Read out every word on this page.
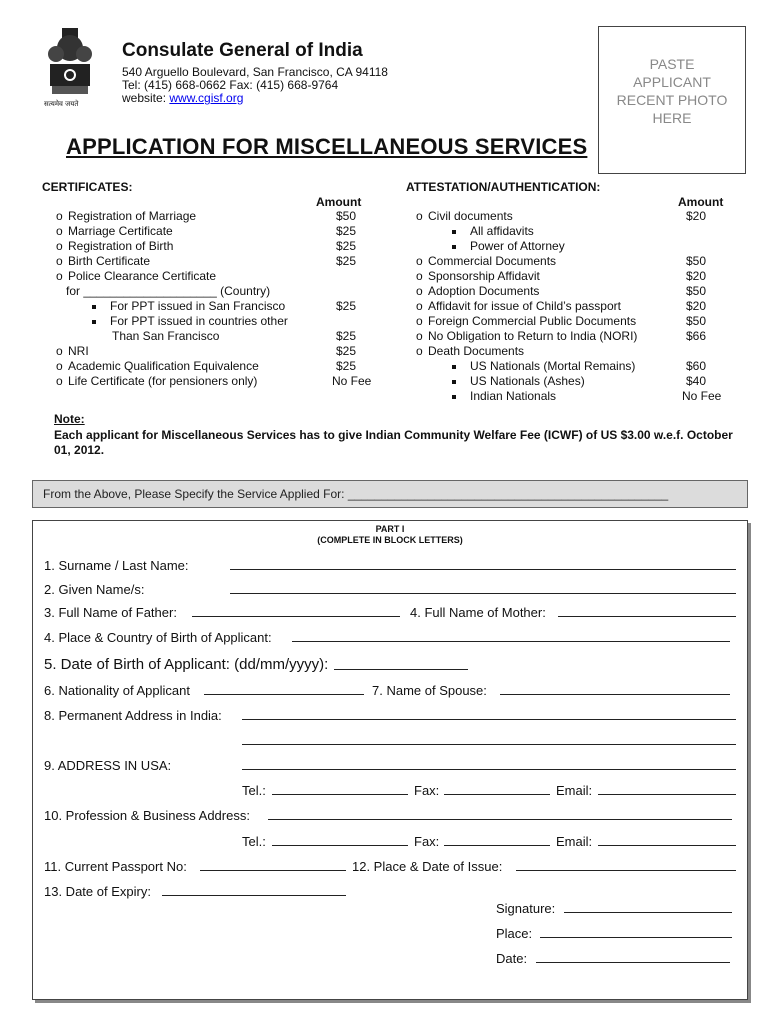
सत्यमेव जयते
Consulate General of India
540 Arguello Boulevard, San Francisco, CA 94118
Tel: (415) 668-0662 Fax: (415) 668-9764
website: www.cgisf.org
PASTE
APPLICANT
RECENT PHOTO
HERE
APPLICATION FOR MISCELLANEOUS SERVICES
CERTIFICATES:
Amount
o Registration of Marriage	$50
o Marriage Certificate	$25
o Registration of Birth	$25
o Birth Certificate	$25
o Police Clearance Certificate
for ____________________ (Country)
For PPT issued in San Francisco	$25
For PPT issued in countries other
Than San Francisco	$25
o NRI	$25
o Academic Qualification Equivalence	$25
o Life Certificate (for pensioners only)	No Fee
ATTESTATION/AUTHENTICATION:
Amount
o Civil documents	$20
All affidavits
Power of Attorney
o Commercial Documents	$50
o Sponsorship Affidavit	$20
o Adoption Documents	$50
o Affidavit for issue of Child’s passport	$20
o Foreign Commercial Public Documents	$50
o No Obligation to Return to India (NORI)	$66
o Death Documents
US Nationals (Mortal Remains)	$60
US Nationals (Ashes)	$40
Indian Nationals	No Fee
Note:
Each applicant for Miscellaneous Services has to give Indian Community Welfare Fee (ICWF) of US $3.00 w.e.f. October 01, 2012.
From the Above, Please Specify the Service Applied For: ________________________________________________
PART I
(COMPLETE IN BLOCK LETTERS)
1. Surname / Last Name:
2. Given Name/s:
3. Full Name of Father:	4. Full Name of Mother:
4. Place & Country of Birth of Applicant:
5. Date of Birth of Applicant: (dd/mm/yyyy):
6. Nationality of Applicant	7. Name of Spouse:
8. Permanent Address in India:
9. ADDRESS IN USA:
Tel.:	Fax:	Email:
10. Profession & Business Address:
Tel.:	Fax:	Email:
11. Current Passport No:	12. Place & Date of Issue:
13. Date of Expiry:
Signature:
Place:
Date:
